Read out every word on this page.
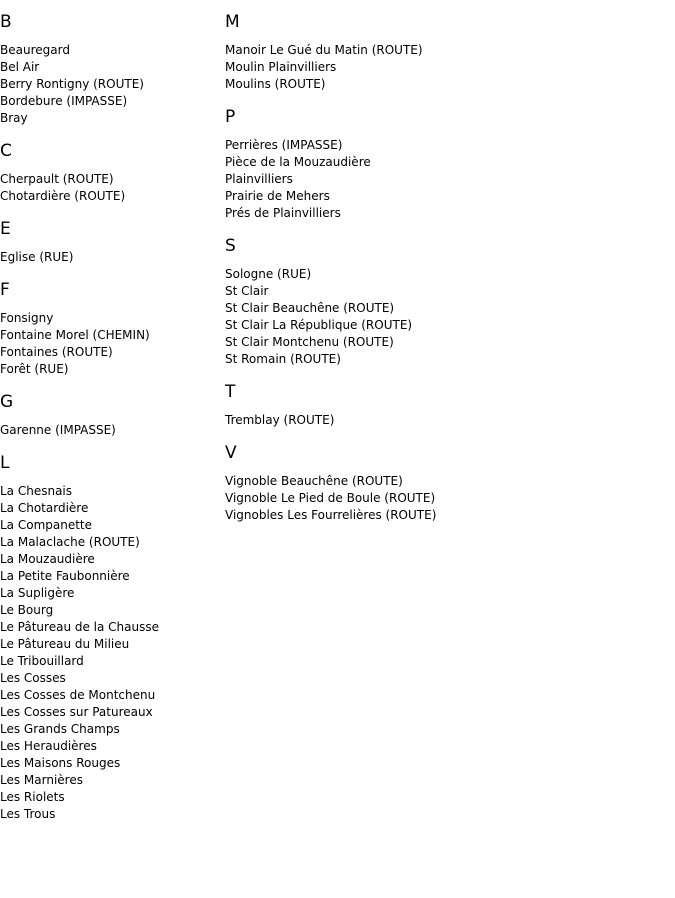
B
Beauregard
Bel Air
Berry Rontigny (ROUTE)
Bordebure (IMPASSE)
Bray
C
Cherpault (ROUTE)
Chotardière (ROUTE)
E
Eglise (RUE)
F
Fonsigny
Fontaine Morel (CHEMIN)
Fontaines (ROUTE)
Forêt (RUE)
G
Garenne (IMPASSE)
L
La Chesnais
La Chotardière
La Companette
La Malaclache (ROUTE)
La Mouzaudière
La Petite Faubonnière
La Supligère
Le Bourg
Le Pâtureau de la Chausse
Le Pâtureau du Milieu
Le Tribouillard
Les Cosses
Les Cosses de Montchenu
Les Cosses sur Patureaux
Les Grands Champs
Les Heraudières
Les Maisons Rouges
Les Marnières
Les Riolets
Les Trous
M
Manoir Le Gué du Matin (ROUTE)
Moulin Plainvilliers
Moulins (ROUTE)
P
Perrières (IMPASSE)
Pièce de la Mouzaudière
Plainvilliers
Prairie de Mehers
Prés de Plainvilliers
S
Sologne (RUE)
St Clair
St Clair Beauchêne (ROUTE)
St Clair La République (ROUTE)
St Clair Montchenu (ROUTE)
St Romain (ROUTE)
T
Tremblay (ROUTE)
V
Vignoble Beauchêne (ROUTE)
Vignoble Le Pied de Boule (ROUTE)
Vignobles Les Fourrelières (ROUTE)
